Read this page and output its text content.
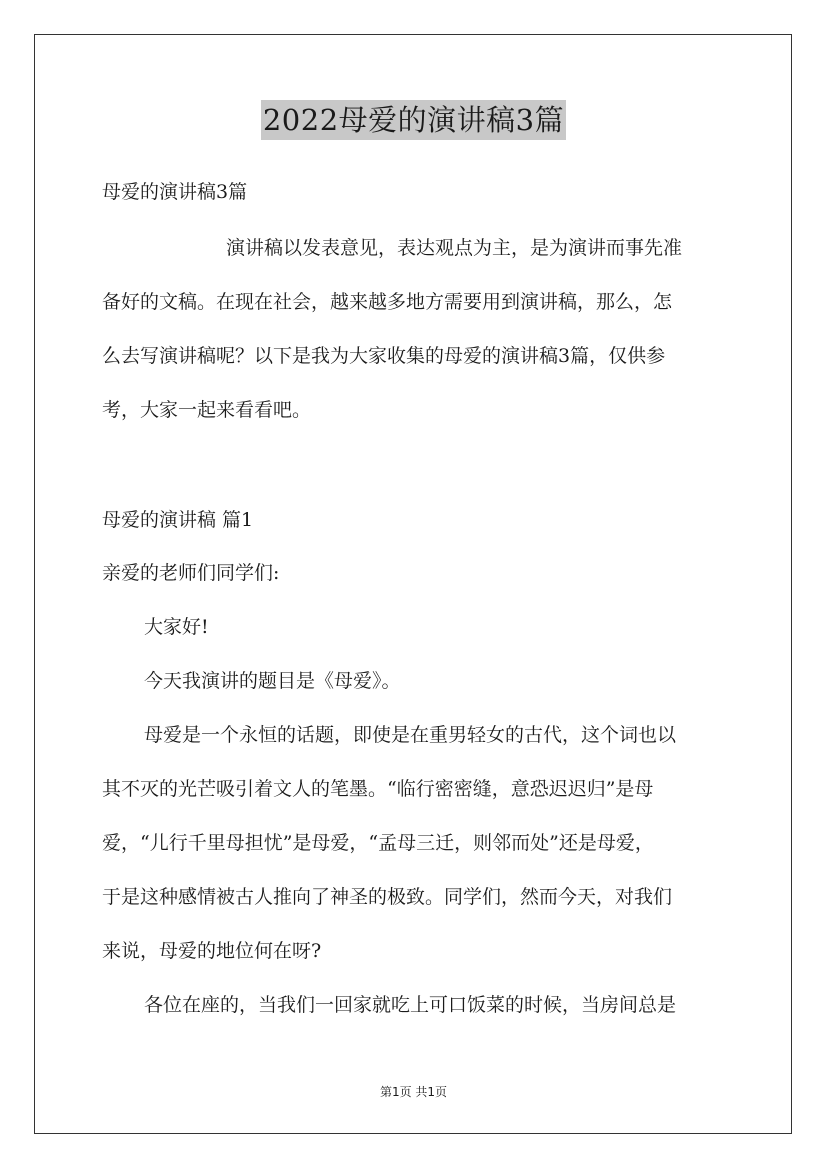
2022母爱的演讲稿3篇
母爱的演讲稿3篇
演讲稿以发表意见，表达观点为主，是为演讲而事先准
备好的文稿。在现在社会，越来越多地方需要用到演讲稿，那么，怎
么去写演讲稿呢？以下是我为大家收集的母爱的演讲稿3篇，仅供参
考，大家一起来看看吧。
母爱的演讲稿 篇1
亲爱的老师们同学们:
大家好!
今天我演讲的题目是《母爱》。
母爱是一个永恒的话题，即使是在重男轻女的古代，这个词也以
其不灭的光芒吸引着文人的笔墨。“临行密密缝，意恐迟迟归”是母
爱，“儿行千里母担忧”是母爱，“孟母三迁，则邻而处”还是母爱，
于是这种感情被古人推向了神圣的极致。同学们，然而今天，对我们
来说，母爱的地位何在呀?
各位在座的，当我们一回家就吃上可口饭菜的时候，当房间总是
第1页 共1页
